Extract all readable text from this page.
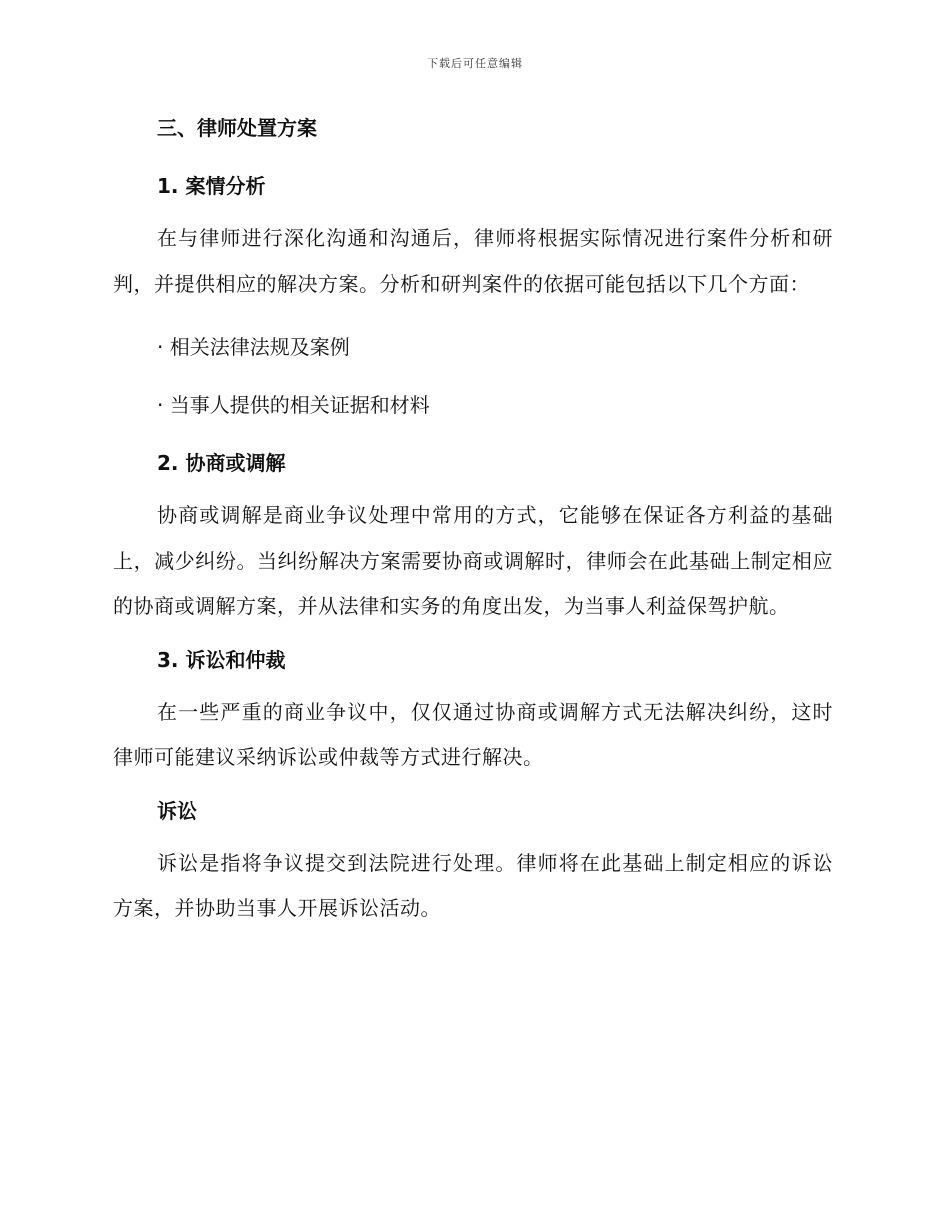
下载后可任意编辑

三、律师处置方案

1. 案情分析

在与律师进行深化沟通和沟通后，律师将根据实际情况进行案件分析和研判，并提供相应的解决方案。分析和研判案件的依据可能包括以下几个方面：

· 相关法律法规及案例

· 当事人提供的相关证据和材料

2. 协商或调解

协商或调解是商业争议处理中常用的方式，它能够在保证各方利益的基础上，减少纠纷。当纠纷解决方案需要协商或调解时，律师会在此基础上制定相应的协商或调解方案，并从法律和实务的角度出发，为当事人利益保驾护航。

3. 诉讼和仲裁

在一些严重的商业争议中，仅仅通过协商或调解方式无法解决纠纷，这时律师可能建议采纳诉讼或仲裁等方式进行解决。

诉讼

诉讼是指将争议提交到法院进行处理。律师将在此基础上制定相应的诉讼方案，并协助当事人开展诉讼活动。
